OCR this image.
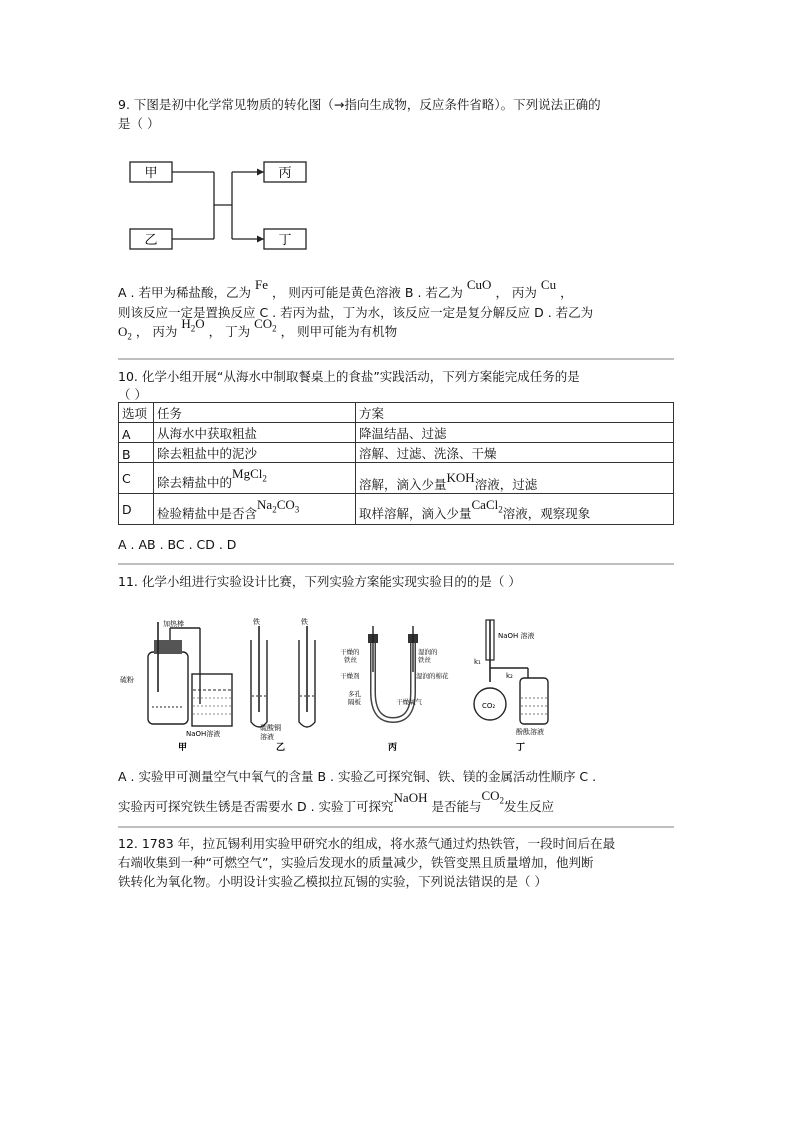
9. 下图是初中化学常见物质的转化图（→指向生成物，反应条件省略）。下列说法正确的
是（ ）
甲
乙
丙
丁
A . 若甲为稀盐酸，乙为 Fe ， 则丙可能是黄色溶液 B . 若乙为 CuO ， 丙为 Cu ，
则该反应一定是置换反应 C . 若丙为盐，丁为水，该反应一定是复分解反应 D . 若乙为
$O_2$ ， 丙为 $H_2O$ ， 丁为 $CO_2$ ， 则甲可能为有机物
10. 化学小组开展“从海水中制取餐桌上的食盐”实践活动，下列方案能完成任务的是
（ ）
选项	任务	方案
A	从海水中获取粗盐	降温结晶、过滤
B	除去粗盐中的泥沙	溶解、过滤、洗涤、干燥
C	除去精盐中的MgCl$_2$	溶解，滴入少量KOH溶液，过滤
D	检验精盐中是否含$Na_2CO_3$	取样溶解，滴入少量CaCl$_2$溶液，观察现象
A . AB . BC . CD . D
11. 化学小组进行实验设计比赛，下列实验方案能实现实验目的的是（ ）
加热棒
硫粉
NaOH溶液
甲
铁	铁
硫酸铜
溶液
乙
干燥的
铁丝
湿润的
铁丝
干燥剂
多孔
隔板
湿润的棉花
干燥氧气
丙
NaOH 溶液
k₁
k₂
CO₂
酚酞溶液
丁
A . 实验甲可测量空气中氧气的含量 B . 实验乙可探究铜、铁、镁的金属活动性顺序 C .
实验丙可探究铁生锈是否需要水 D . 实验丁可探究NaOH 是否能与$CO_2$发生反应
12. 1783 年，拉瓦锡利用实验甲研究水的组成，将水蒸气通过灼热铁管，一段时间后在最
右端收集到一种“可燃空气”，实验后发现水的质量减少，铁管变黑且质量增加，他判断
铁转化为氧化物。小明设计实验乙模拟拉瓦锡的实验，下列说法错误的是（ ）
